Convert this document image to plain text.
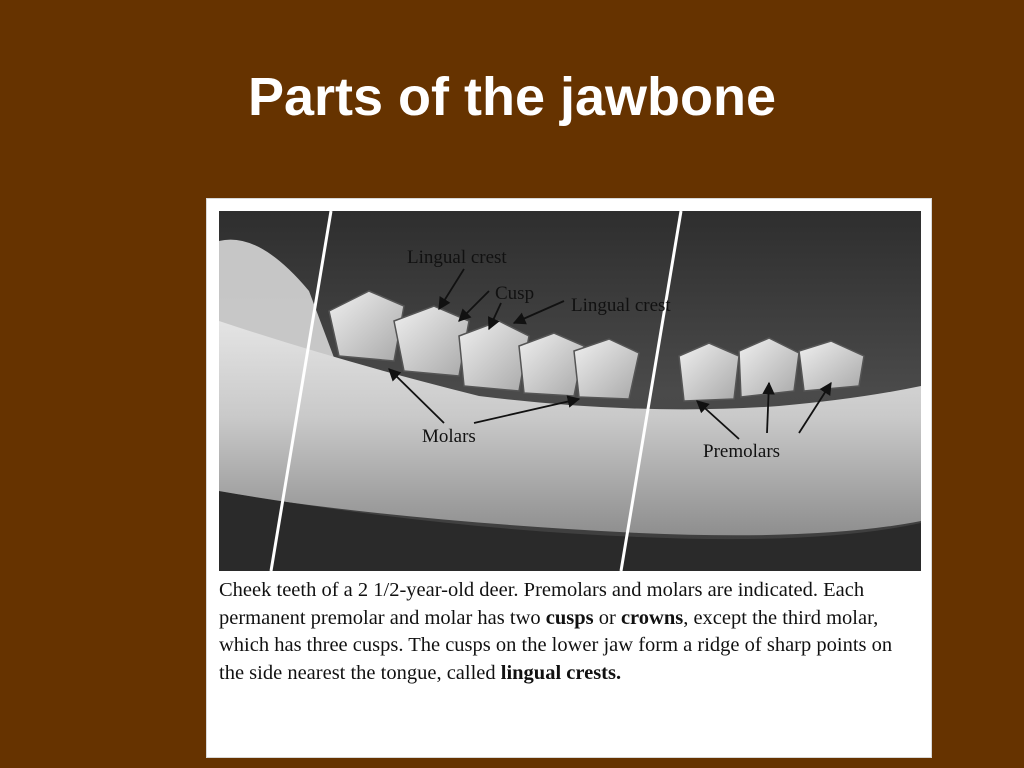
Parts of the jawbone
Lingual crest
Cusp
Lingual crest
Molars
Premolars

Cheek teeth of a 2 1/2-year-old deer. Premolars and molars are indicated. Each permanent premolar and molar has two cusps or crowns, except the third molar, which has three cusps. The cusps on the lower jaw form a ridge of sharp points on the side nearest the tongue, called lingual crests.
